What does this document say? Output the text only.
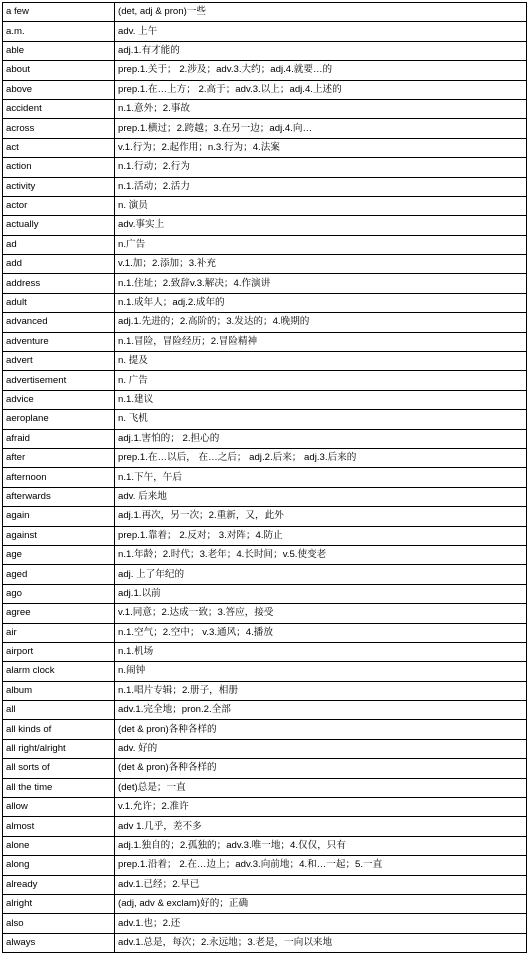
a few	(det, adj & pron)一些
a.m.	adv. 上午
able	adj.1.有才能的
about	prep.1.关于； 2.涉及；adv.3.大约；adj.4.就要…的
above	prep.1.在…上方； 2.高于；adv.3.以上；adj.4.上述的
accident	n.1.意外；2.事故
across	prep.1.横过；2.跨越；3.在另一边；adj.4.向…
act	v.1.行为；2.起作用；n.3.行为；4.法案
action	n.1.行动；2.行为
activity	n.1.活动；2.活力
actor	n. 演员
actually	adv.事实上
ad	n.广告
add	v.1.加；2.添加；3.补充
address	n.1.住址；2.致辞v.3.解决；4.作演讲
adult	n.1.成年人；adj.2.成年的
advanced	adj.1.先进的；2.高阶的；3.发达的；4.晚期的
adventure	n.1.冒险，冒险经历；2.冒险精神
advert	n. 提及
advertisement	n. 广告
advice	n.1.建议
aeroplane	n. 飞机
afraid	adj.1.害怕的； 2.担心的
after	prep.1.在…以后， 在…之后； adj.2.后来； adj.3.后来的
afternoon	n.1.下午，午后
afterwards	adv. 后来地
again	adj.1.再次，另一次；2.重新，又，此外
against	prep.1.靠着； 2.反对； 3.对阵；4.防止
age	n.1.年龄；2.时代；3.老年；4.长时间；v.5.使变老
aged	adj. 上了年纪的
ago	adj.1.以前
agree	v.1.同意；2.达成一致；3.答应，接受
air	n.1.空气；2.空中； v.3.通风；4.播放
airport	n.1.机场
alarm clock	n.闹钟
album	n.1.唱片专辑；2.册子，相册
all	adv.1.完全地；pron.2.全部
all kinds of	(det & pron)各种各样的
all right/alright	adv. 好的
all sorts of	(det & pron)各种各样的
all the time	(det)总是；一直
allow	v.1.允许；2.准许
almost	adv 1.几乎，差不多
alone	adj.1.独自的；2.孤独的；adv.3.唯一地；4.仅仅，只有
along	prep.1.沿着； 2.在…边上；adv.3.向前地；4.和…一起；5.一直
already	adv.1.已经；2.早已
alright	(adj, adv & exclam)好的；正确
also	adv.1.也；2.还
always	adv.1.总是，每次；2.永远地；3.老是，一向以来地
